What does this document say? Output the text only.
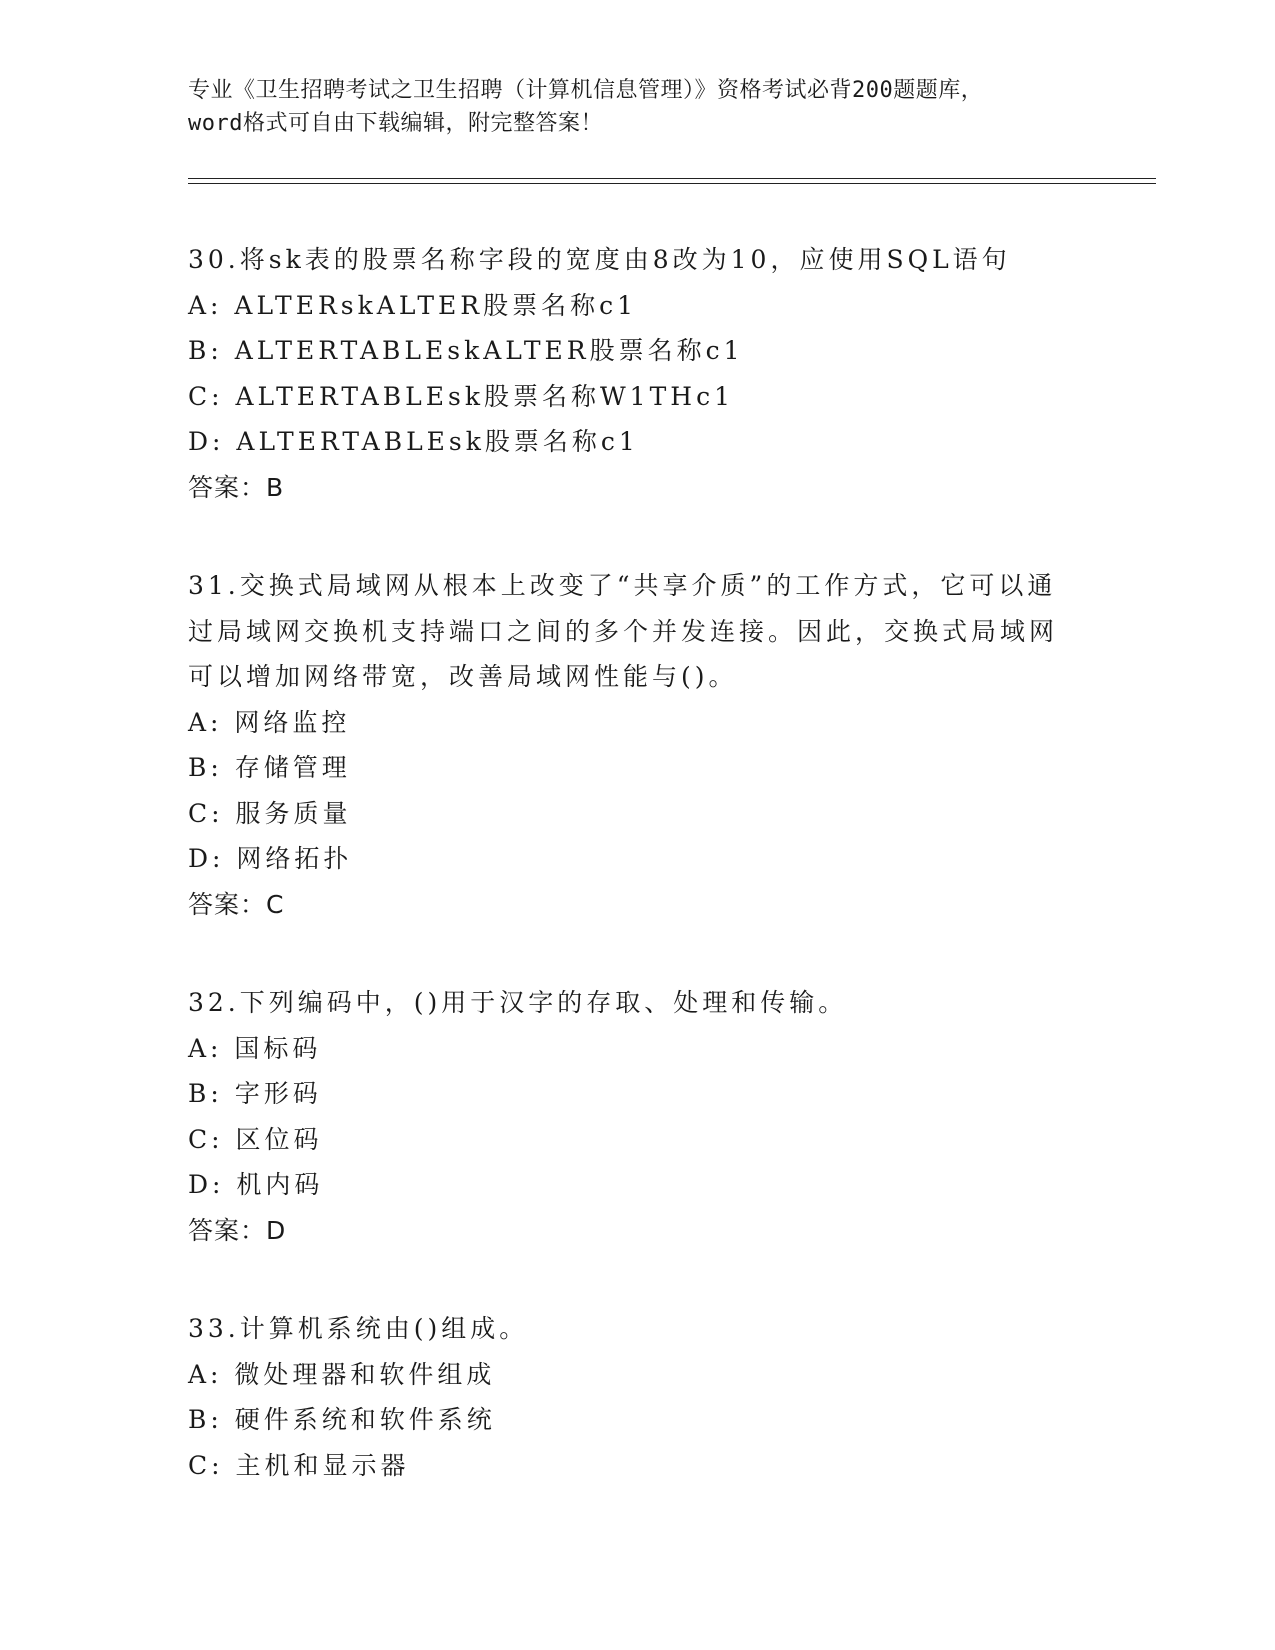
专业《卫生招聘考试之卫生招聘（计算机信息管理）》资格考试必背200题题库，
word格式可自由下载编辑，附完整答案！
30.将sk表的股票名称字段的宽度由8改为10，应使用SQL语句
A: ALTERskALTER股票名称c1
B: ALTERTABLEskALTER股票名称c1
C: ALTERTABLEsk股票名称W1THc1
D: ALTERTABLEsk股票名称c1
答案：B
31.交换式局域网从根本上改变了“共享介质”的工作方式，它可以通
过局域网交换机支持端口之间的多个并发连接。因此，交换式局域网
可以增加网络带宽，改善局域网性能与()。
A: 网络监控
B: 存储管理
C: 服务质量
D: 网络拓扑
答案：C
32.下列编码中，()用于汉字的存取、处理和传输。
A: 国标码
B: 字形码
C: 区位码
D: 机内码
答案：D
33.计算机系统由()组成。
A: 微处理器和软件组成
B: 硬件系统和软件系统
C: 主机和显示器
